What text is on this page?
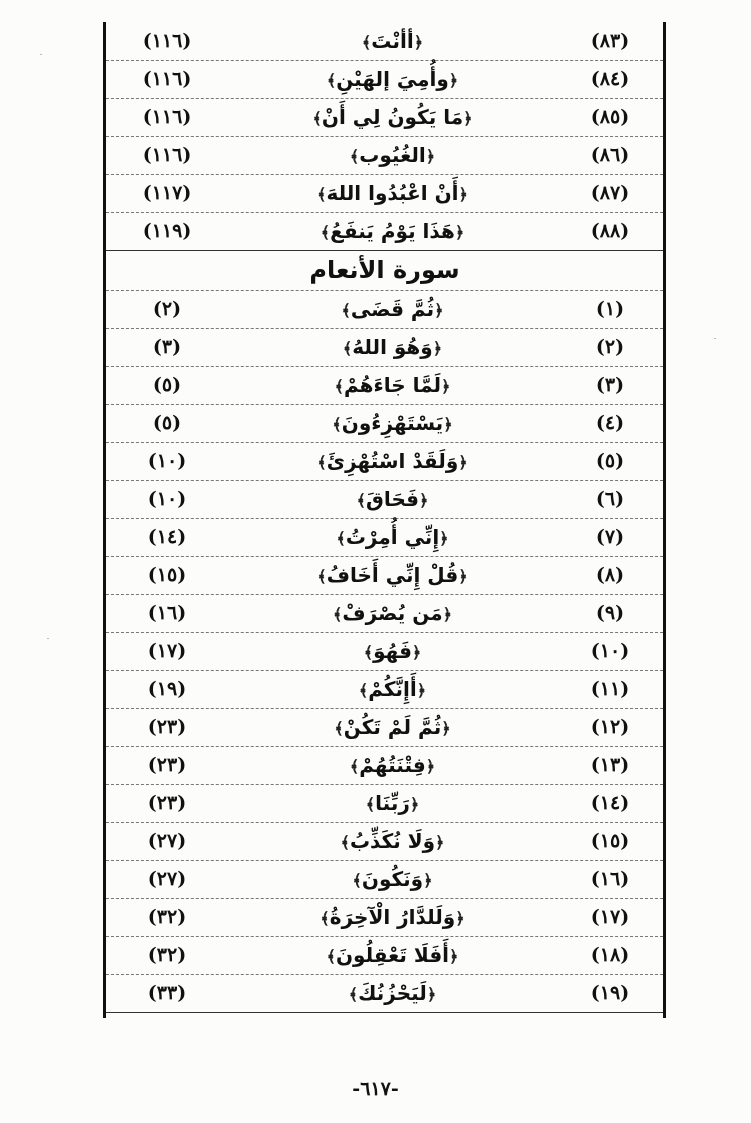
(٨٣)
﴿أأنْتَ﴾
(١١٦)
(٨٤)
﴿وأُمِيَ إلهَيْنِ﴾
(١١٦)
(٨٥)
﴿مَا يَكُونُ لِي أَنْ﴾
(١١٦)
(٨٦)
﴿الغُيُوب﴾
(١١٦)
(٨٧)
﴿أَنْ اعْبُدُوا اللهَ﴾
(١١٧)
(٨٨)
﴿هَذَا يَوْمُ يَنفَعُ﴾
(١١٩)
سورة الأنعام
(١)
﴿ثُمَّ قَضَى﴾
(٢)
(٢)
﴿وَهُوَ اللهُ﴾
(٣)
(٣)
﴿لَمَّا جَاءَهُمْ﴾
(٥)
(٤)
﴿يَسْتَهْزِءُونَ﴾
(٥)
(٥)
﴿وَلَقَدْ اسْتُهْزِئَ﴾
(١٠)
(٦)
﴿فَحَاقَ﴾
(١٠)
(٧)
﴿إِنِّي أُمِرْتُ﴾
(١٤)
(٨)
﴿قُلْ إِنِّي أَخَافُ﴾
(١٥)
(٩)
﴿مَن يُصْرَفْ﴾
(١٦)
(١٠)
﴿فَهُوَ﴾
(١٧)
(١١)
﴿أَإِنَّكُمْ﴾
(١٩)
(١٢)
﴿ثُمَّ لَمْ تَكُنْ﴾
(٢٣)
(١٣)
﴿فِتْنَتُهُمْ﴾
(٢٣)
(١٤)
﴿رَبِّنَا﴾
(٢٣)
(١٥)
﴿وَلَا نُكَذِّبُ﴾
(٢٧)
(١٦)
﴿وَنَكُونَ﴾
(٢٧)
(١٧)
﴿وَلَلدَّارُ الْآخِرَةُ﴾
(٣٢)
(١٨)
﴿أَفَلَا تَعْقِلُونَ﴾
(٣٢)
(١٩)
﴿لَيَحْزُنُكَ﴾
(٣٣)
-٦١٧-
